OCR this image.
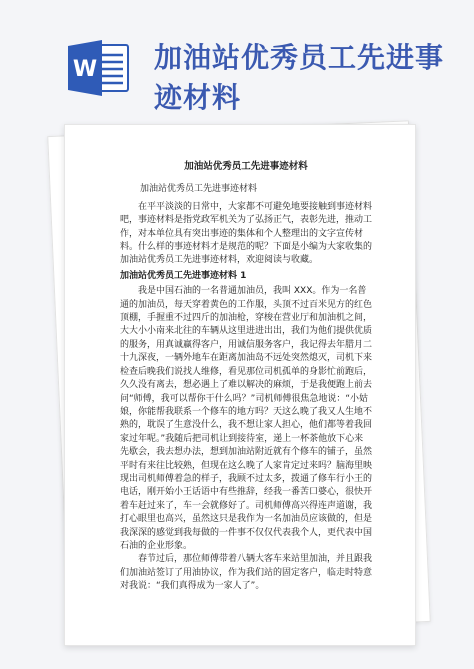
W 加油站优秀员工先进事迹材料

加油站优秀员工先进事迹材料

加油站优秀员工先进事迹材料

在平平淡淡的日常中，大家都不可避免地要接触到事迹材料吧，事迹材料是指党政军机关为了弘扬正气，表彰先进，推动工作，对本单位具有突出事迹的集体和个人整理出的文字宣传材料。什么样的事迹材料才是规范的呢？下面是小编为大家收集的加油站优秀员工先进事迹材料，欢迎阅读与收藏。

加油站优秀员工先进事迹材料 1

我是中国石油的一名普通加油员，我叫 XXX。作为一名普通的加油员，每天穿着黄色的工作服，头顶不过百米见方的红色顶棚，手握重不过四斤的加油枪，穿梭在营业厅和加油机之间，大大小小南来北往的车辆从这里进进出出，我们为他们提供优质的服务，用真诚赢得客户，用诚信服务客户，我记得去年腊月二十九深夜，一辆外地车在距离加油岛不远处突然熄灭，司机下来检查后晚我们说找人维修，看见那位司机孤单的身影忙前跑后，久久没有离去，想必遇上了难以解决的麻烦，于是我便跑上前去问“师傅，我可以帮你干什么吗？”司机师傅很焦急地说：“小姑娘，你能帮我联系一个修车的地方吗？天这么晚了我又人生地不熟的，耽误了生意没什么，我不想让家人担心，他们都等着我回家过年呢。”我随后把司机让到接待室，递上一杯茶他放下心来先歇会，我去想办法，想到加油站附近就有个修车的铺子，虽然平时有来往比较熟，但现在这么晚了人家肯定过来吗？脑海里映现出司机师傅着急的样子，我顾不过太多，拨通了修车行小王的电话，刚开始小王话语中有些推辞，经我一番苦口婆心，很快开着车赶过来了，车一会就修好了。司机师傅高兴得连声道谢，我打心眼里也高兴，虽然这只是我作为一名加油员应该做的，但是我深深的感觉到我每做的一件事不仅仅代表我个人，更代表中国石油的企业形象。

春节过后，那位师傅带着八辆大客车来站里加油，并且跟我们加油站签订了用油协议，作为我们站的固定客户，临走时特意对我说：“我们真得成为一家人了”。
